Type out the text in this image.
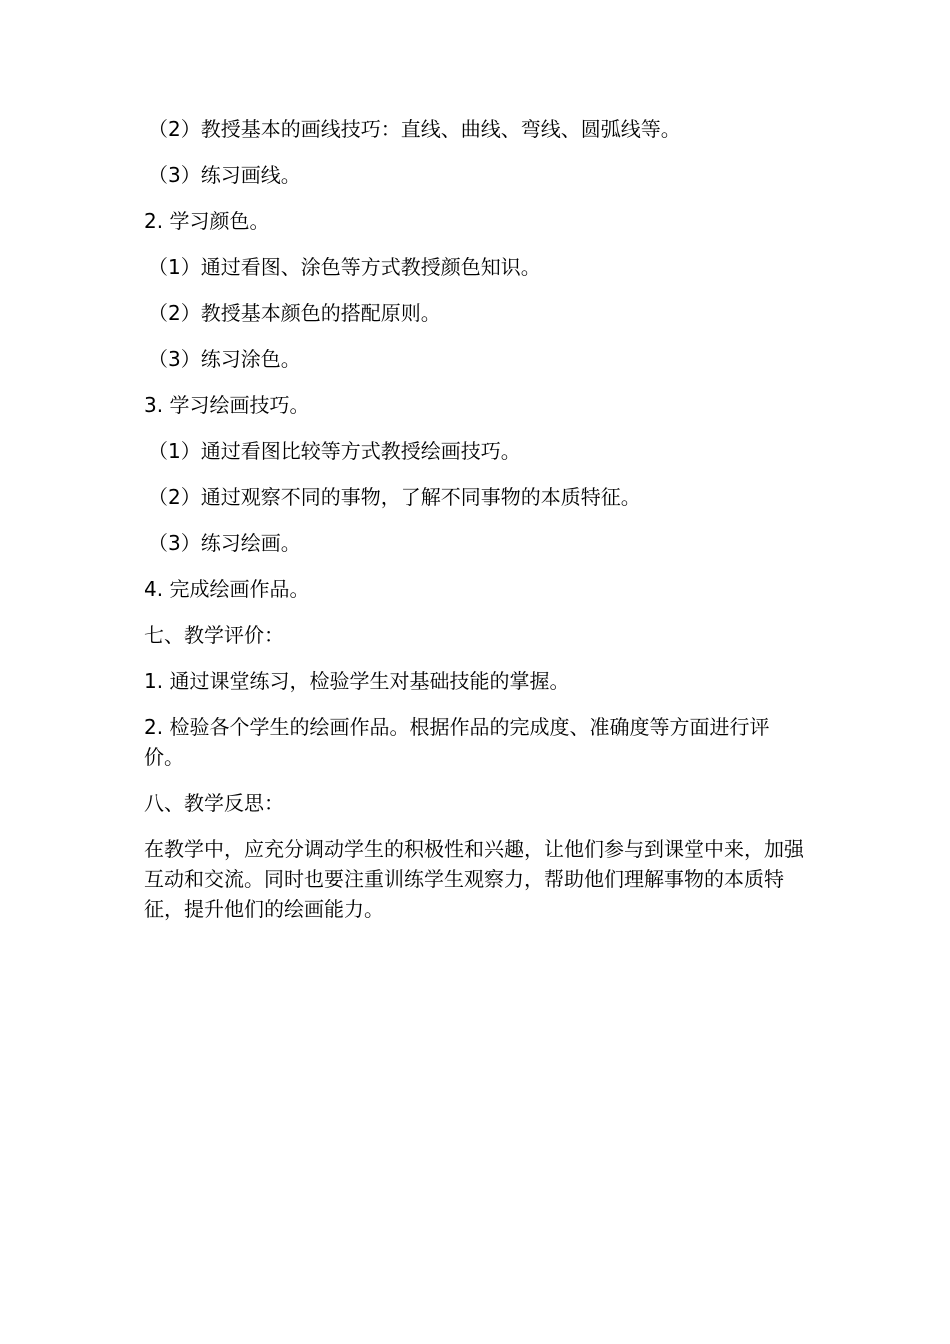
（2）教授基本的画线技巧：直线、曲线、弯线、圆弧线等。

（3）练习画线。

2. 学习颜色。

（1）通过看图、涂色等方式教授颜色知识。

（2）教授基本颜色的搭配原则。

（3）练习涂色。

3. 学习绘画技巧。

（1）通过看图比较等方式教授绘画技巧。

（2）通过观察不同的事物，了解不同事物的本质特征。

（3）练习绘画。

4. 完成绘画作品。

七、教学评价：

1. 通过课堂练习，检验学生对基础技能的掌握。

2. 检验各个学生的绘画作品。根据作品的完成度、准确度等方面进行评价。

八、教学反思：

在教学中，应充分调动学生的积极性和兴趣，让他们参与到课堂中来，加强互动和交流。同时也要注重训练学生观察力，帮助他们理解事物的本质特征，提升他们的绘画能力。
